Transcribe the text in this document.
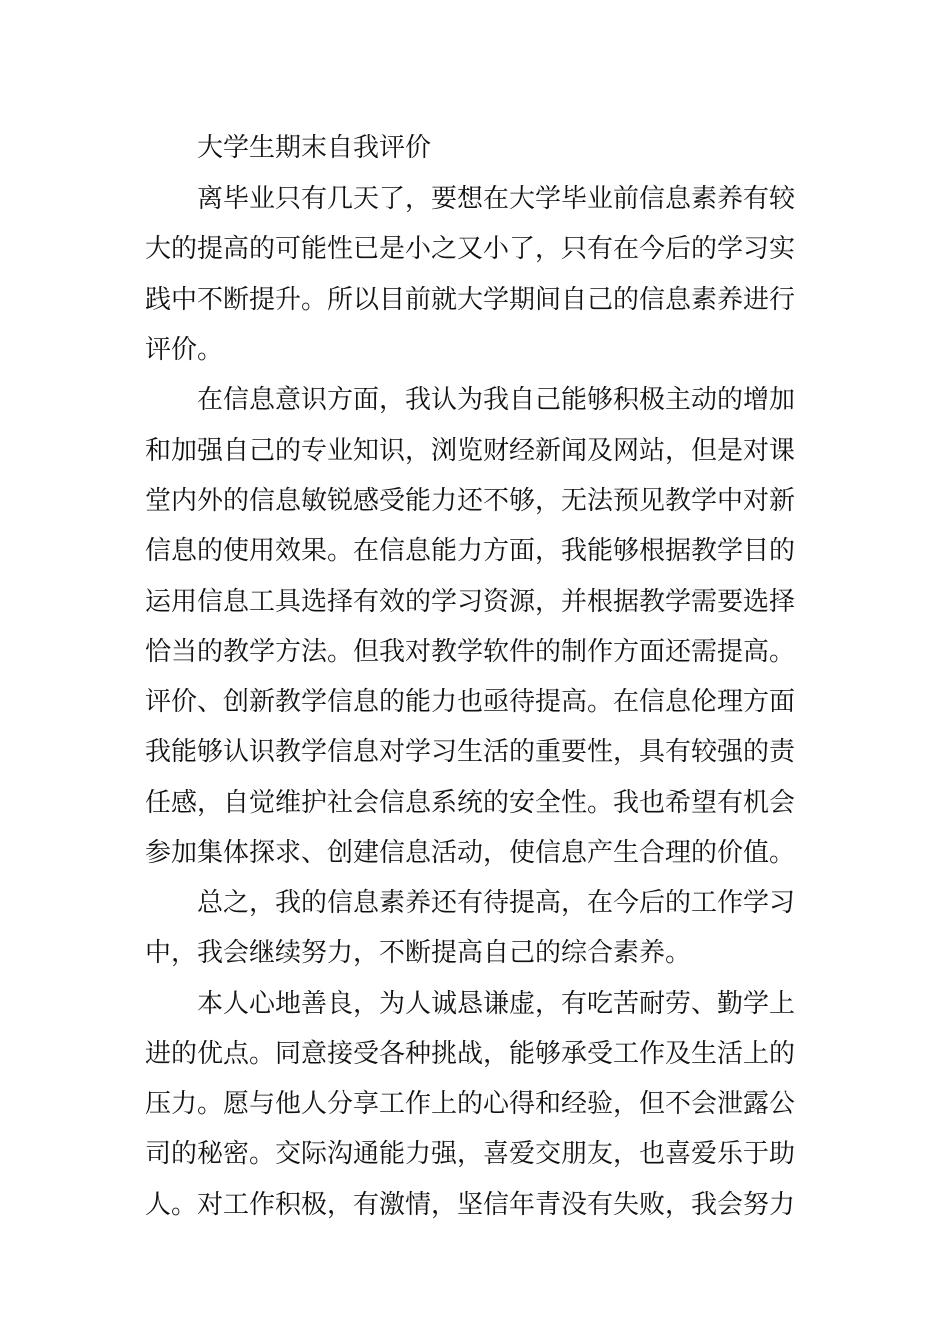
大学生期末自我评价
离毕业只有几天了，要想在大学毕业前信息素养有较
大的提高的可能性已是小之又小了，只有在今后的学习实
践中不断提升。所以目前就大学期间自己的信息素养进行
评价。
在信息意识方面，我认为我自己能够积极主动的增加
和加强自己的专业知识，浏览财经新闻及网站，但是对课
堂内外的信息敏锐感受能力还不够，无法预见教学中对新
信息的使用效果。在信息能力方面，我能够根据教学目的
运用信息工具选择有效的学习资源，并根据教学需要选择
恰当的教学方法。但我对教学软件的制作方面还需提高。
评价、创新教学信息的能力也亟待提高。在信息伦理方面
我能够认识教学信息对学习生活的重要性，具有较强的责
任感，自觉维护社会信息系统的安全性。我也希望有机会
参加集体探求、创建信息活动，使信息产生合理的价值。
总之，我的信息素养还有待提高，在今后的工作学习
中，我会继续努力，不断提高自己的综合素养。
本人心地善良，为人诚恳谦虚，有吃苦耐劳、勤学上
进的优点。同意接受各种挑战，能够承受工作及生活上的
压力。愿与他人分享工作上的心得和经验，但不会泄露公
司的秘密。交际沟通能力强，喜爱交朋友，也喜爱乐于助
人。对工作积极，有激情，坚信年青没有失败，我会努力
